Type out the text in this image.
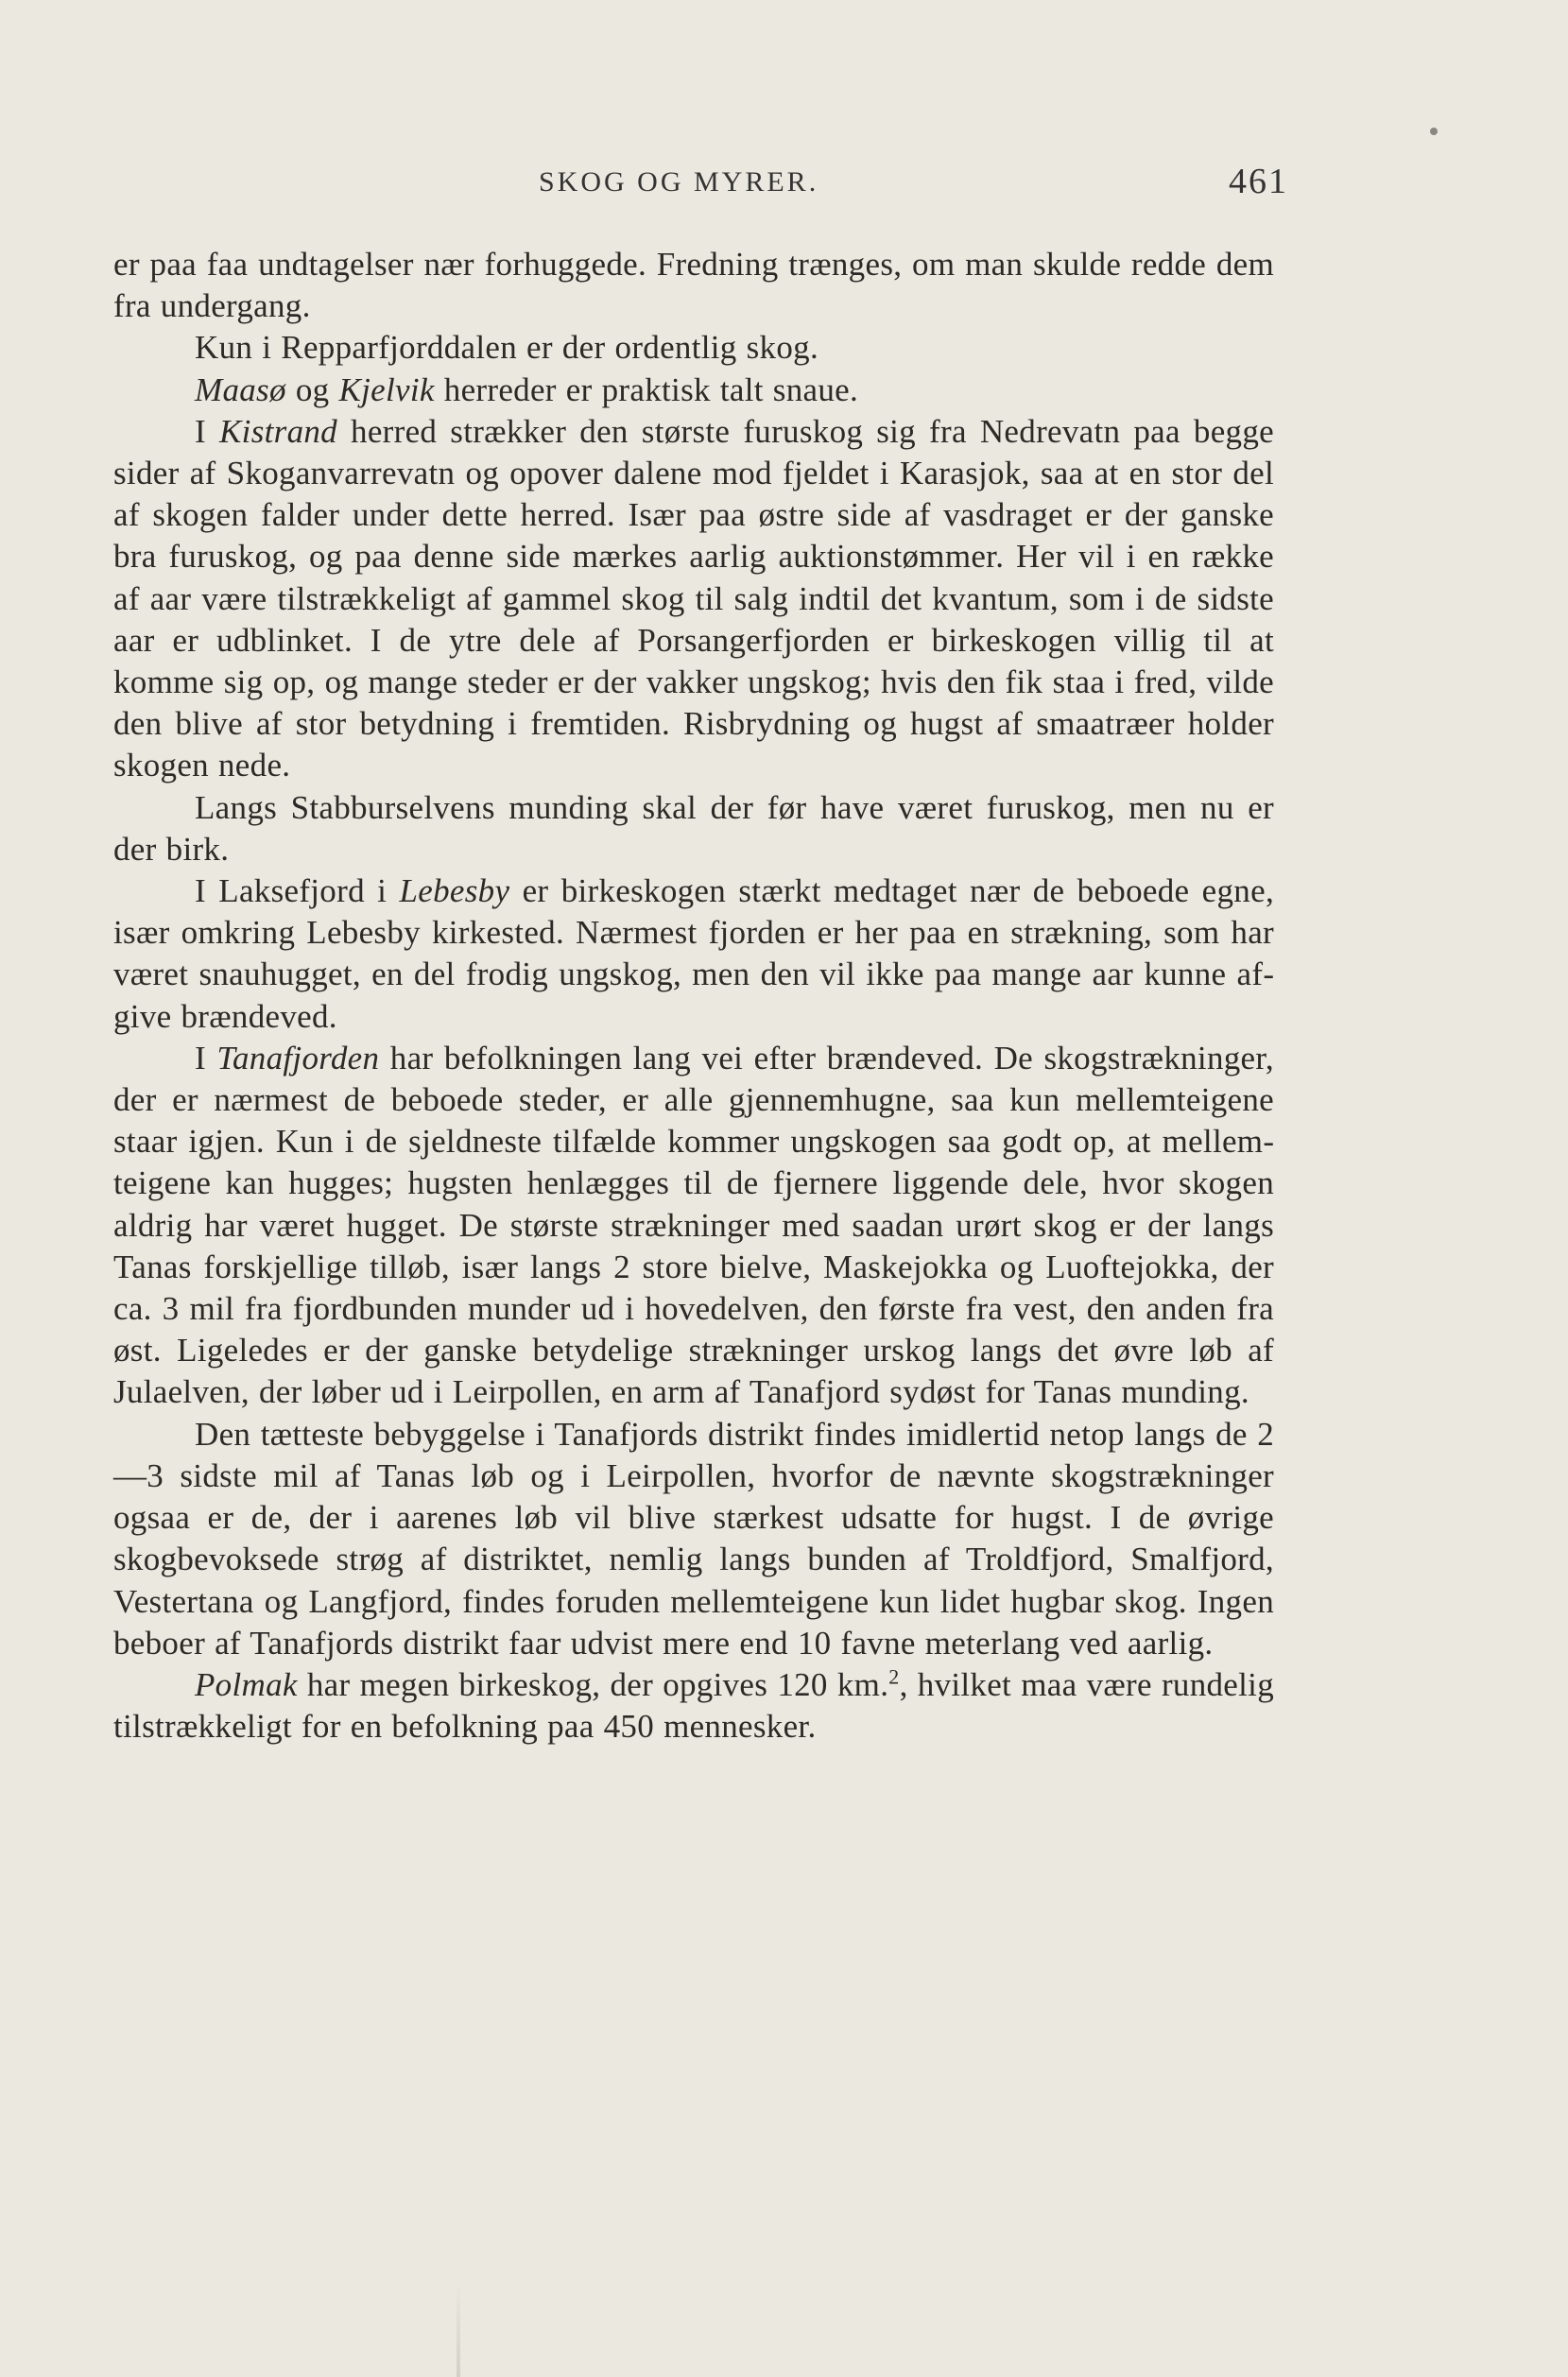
SKOG OG MYRER.	461

er paa faa undtagelser nær forhuggede. Fredning trænges, om man skulde redde dem fra undergang.

Kun i Repparfjorddalen er der ordentlig skog.

Maasø og Kjelvik herreder er praktisk talt snaue.

I Kistrand herred strækker den største furuskog sig fra Nedrevatn paa begge sider af Skoganvarrevatn og opover dalene mod fjeldet i Karasjok, saa at en stor del af skogen falder under dette herred. Især paa østre side af vasdraget er der ganske bra furuskog, og paa denne side mærkes aarlig auktionstømmer. Her vil i en række af aar være tilstrækkeligt af gammel skog til salg indtil det kvantum, som i de sidste aar er udblinket. I de ytre dele af Porsangerfjorden er birkeskogen villig til at komme sig op, og mange steder er der vakker ungskog; hvis den fik staa i fred, vilde den blive af stor betydning i fremtiden. Risbrydning og hugst af smaatræer holder skogen nede.

Langs Stabburselvens munding skal der før have været furuskog, men nu er der birk.

I Laksefjord i Lebesby er birkeskogen stærkt medtaget nær de beboede egne, især omkring Lebesby kirkested. Nærmest fjorden er her paa en strækning, som har været snauhugget, en del frodig ungskog, men den vil ikke paa mange aar kunne afgive brændeved.

I Tanafjorden har befolkningen lang vei efter brændeved. De skogstrækninger, der er nærmest de beboede steder, er alle gjennemhugne, saa kun mellemteigene staar igjen. Kun i de sjeldneste tilfælde kommer ungskogen saa godt op, at mellemteigene kan hugges; hugsten henlægges til de fjernere liggende dele, hvor skogen aldrig har været hugget. De største strækninger med saadan urørt skog er der langs Tanas forskjellige tilløb, især langs 2 store bielve, Maskejokka og Luoftejokka, der ca. 3 mil fra fjordbunden munder ud i hovedelven, den første fra vest, den anden fra øst. Ligeledes er der ganske betydelige strækninger urskog langs det øvre løb af Julaelven, der løber ud i Leirpollen, en arm af Tanafjord sydøst for Tanas munding.

Den tætteste bebyggelse i Tanafjords distrikt findes imidlertid netop langs de 2—3 sidste mil af Tanas løb og i Leirpollen, hvorfor de nævnte skogstrækninger ogsaa er de, der i aarenes løb vil blive stærkest udsatte for hugst. I de øvrige skogbevoksede strøg af distriktet, nemlig langs bunden af Troldfjord, Smalfjord, Vestertana og Langfjord, findes foruden mellemteigene kun lidet hugbar skog. Ingen beboer af Tanafjords distrikt faar udvist mere end 10 favne meterlang ved aarlig.

Polmak har megen birkeskog, der opgives 120 km.$^2$, hvilket maa være rundelig tilstrækkeligt for en befolkning paa 450 mennesker.
